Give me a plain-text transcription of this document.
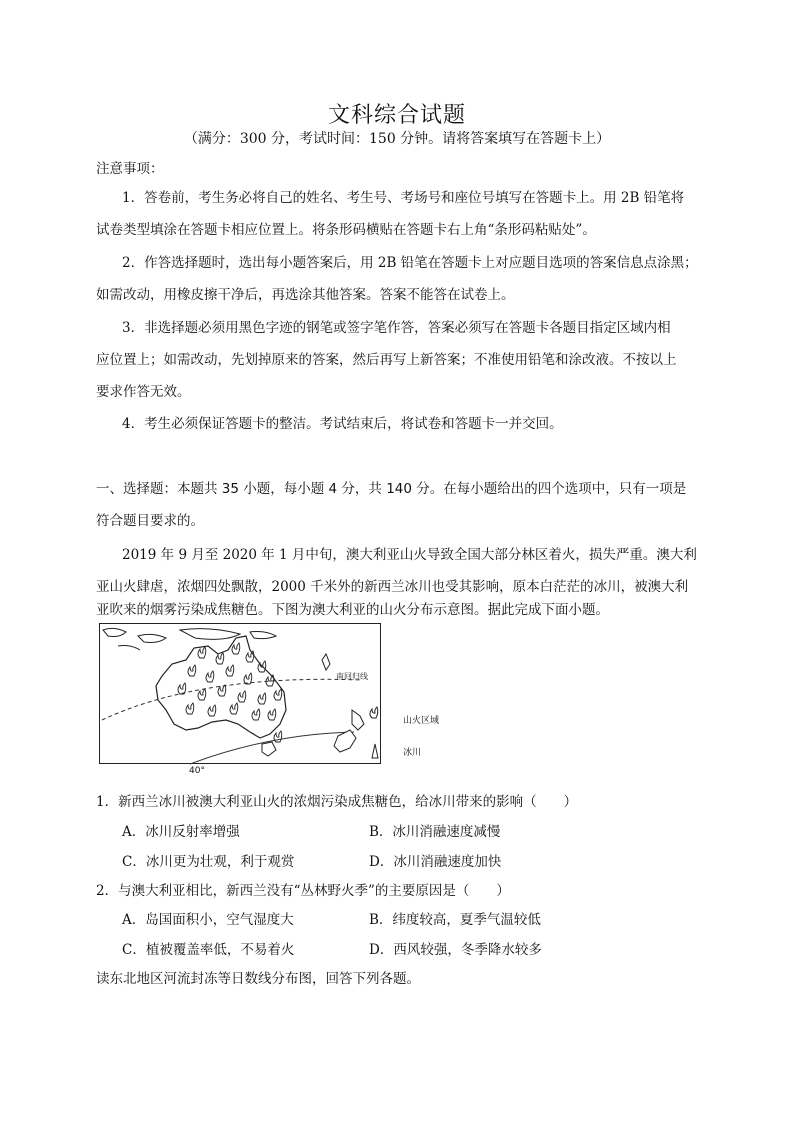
文科综合试题
（满分：300 分，考试时间：150 分钟。请将答案填写在答题卡上）
注意事项：
1．答卷前，考生务必将自己的姓名、考生号、考场号和座位号填写在答题卡上。用 2B 铅笔将
试卷类型填涂在答题卡相应位置上。将条形码横贴在答题卡右上角“条形码粘贴处”。
2．作答选择题时，选出每小题答案后，用 2B 铅笔在答题卡上对应题目选项的答案信息点涂黑；
如需改动，用橡皮擦干净后，再选涂其他答案。答案不能答在试卷上。
3．非选择题必须用黑色字迹的钢笔或签字笔作答，答案必须写在答题卡各题目指定区域内相
应位置上；如需改动，先划掉原来的答案，然后再写上新答案；不准使用铅笔和涂改液。不按以上
要求作答无效。
4．考生必须保证答题卡的整洁。考试结束后，将试卷和答题卡一并交回。
一、选择题：本题共 35 小题，每小题 4 分，共 140 分。在每小题给出的四个选项中，只有一项是
符合题目要求的。
2019 年 9 月至 2020 年 1 月中旬，澳大利亚山火导致全国大部分林区着火，损失严重。澳大利
亚山火肆虐，浓烟四处飘散，2000 千米外的新西兰冰川也受其影响，原本白茫茫的冰川，被澳大利
亚吹来的烟雾污染成焦糖色。下图为澳大利亚的山火分布示意图。据此完成下面小题。
南回归线
山火区域
冰川
40°
1．新西兰冰川被澳大利亚山火的浓烟污染成焦糖色，给冰川带来的影响（　　）
A．冰川反射率增强	B．冰川消融速度减慢
C．冰川更为壮观，利于观赏	D．冰川消融速度加快
2．与澳大利亚相比，新西兰没有“丛林野火季”的主要原因是（　　）
A．岛国面积小，空气湿度大	B．纬度较高，夏季气温较低
C．植被覆盖率低，不易着火	D．西风较强，冬季降水较多
读东北地区河流封冻等日数线分布图，回答下列各题。
